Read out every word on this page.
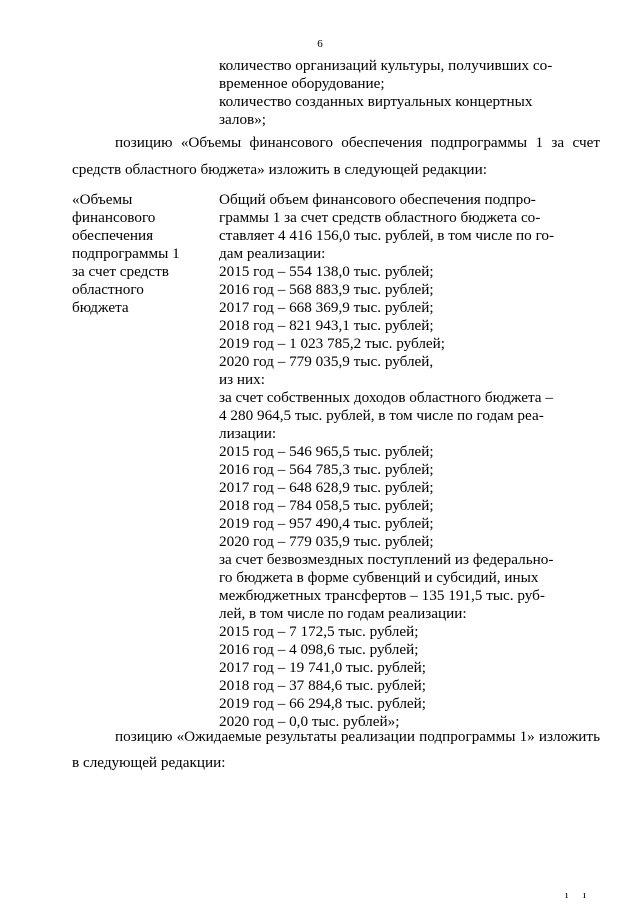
6
количество организаций культуры, получивших со-
временное оборудование;
количество созданных виртуальных концертных
залов»;
позицию «Объемы финансового обеспечения подпрограммы 1 за счет
средств областного бюджета» изложить в следующей редакции:
«Объемы
финансового
обеспечения
подпрограммы 1
за счет средств
областного
бюджета
Общий объем финансового обеспечения подпро-
граммы 1 за счет средств областного бюджета со-
ставляет 4 416 156,0 тыс. рублей, в том числе по го-
дам реализации:
2015 год – 554 138,0 тыс. рублей;
2016 год – 568 883,9 тыс. рублей;
2017 год – 668 369,9 тыс. рублей;
2018 год – 821 943,1 тыс. рублей;
2019 год – 1 023 785,2 тыс. рублей;
2020 год – 779 035,9 тыс. рублей,
из них:
за счет собственных доходов областного бюджета –
4 280 964,5 тыс. рублей, в том числе по годам реа-
лизации:
2015 год – 546 965,5 тыс. рублей;
2016 год – 564 785,3 тыс. рублей;
2017 год – 648 628,9 тыс. рублей;
2018 год – 784 058,5 тыс. рублей;
2019 год – 957 490,4 тыс. рублей;
2020 год – 779 035,9 тыс. рублей;
за счет безвозмездных поступлений из федерально-
го бюджета в форме субвенций и субсидий, иных
межбюджетных трансфертов – 135 191,5 тыс. руб-
лей, в том числе по годам реализации:
2015 год – 7 172,5 тыс. рублей;
2016 год – 4 098,6 тыс. рублей;
2017 год – 19 741,0 тыс. рублей;
2018 год – 37 884,6 тыс. рублей;
2019 год – 66 294,8 тыс. рублей;
2020 год – 0,0 тыс. рублей»;
позицию «Ожидаемые результаты реализации подпрограммы 1» изложить
в следующей редакции:
ı ı
